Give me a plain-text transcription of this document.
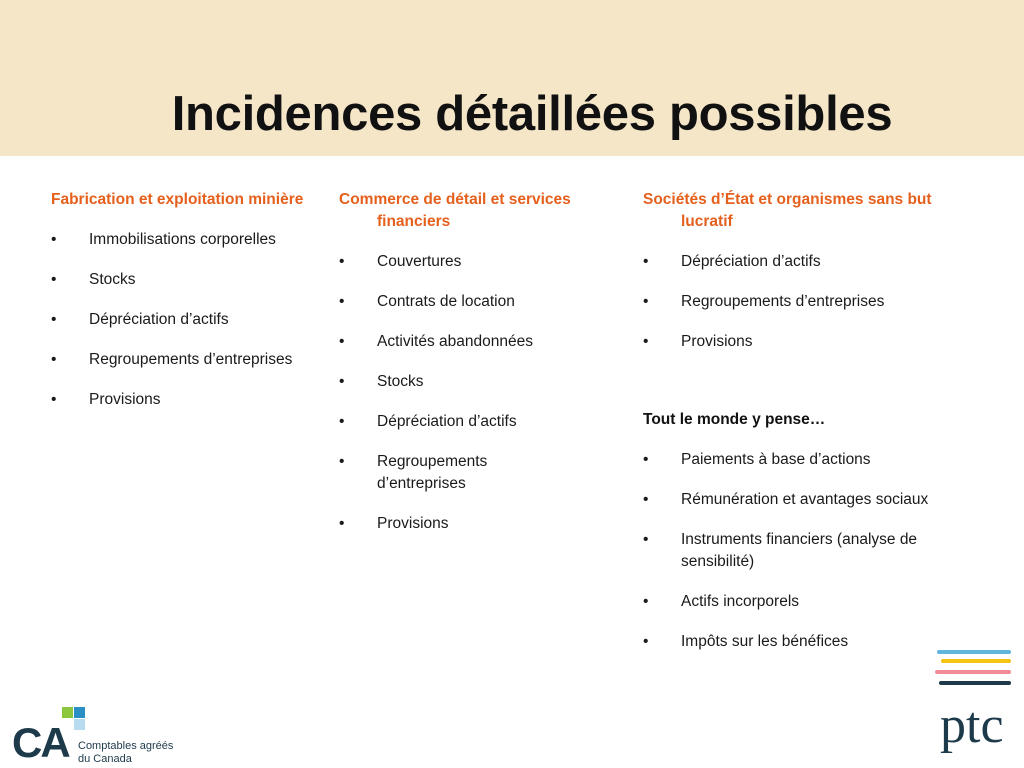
Incidences détaillées possibles
Fabrication et exploitation minière
• Immobilisations corporelles
• Stocks
• Dépréciation d’actifs
• Regroupements d’entreprises
• Provisions
Commerce de détail et services financiers
• Couvertures
• Contrats de location
• Activités abandonnées
• Stocks
• Dépréciation d’actifs
• Regroupements d’entreprises
• Provisions
Sociétés d’État et organismes sans but lucratif
• Dépréciation d’actifs
• Regroupements d’entreprises
• Provisions
Tout le monde y pense…
• Paiements à base d’actions
• Rémunération et avantages sociaux
• Instruments financiers (analyse de sensibilité)
• Actifs incorporels
• Impôts sur les bénéfices
CA Comptables agréés
du Canada
ptc
